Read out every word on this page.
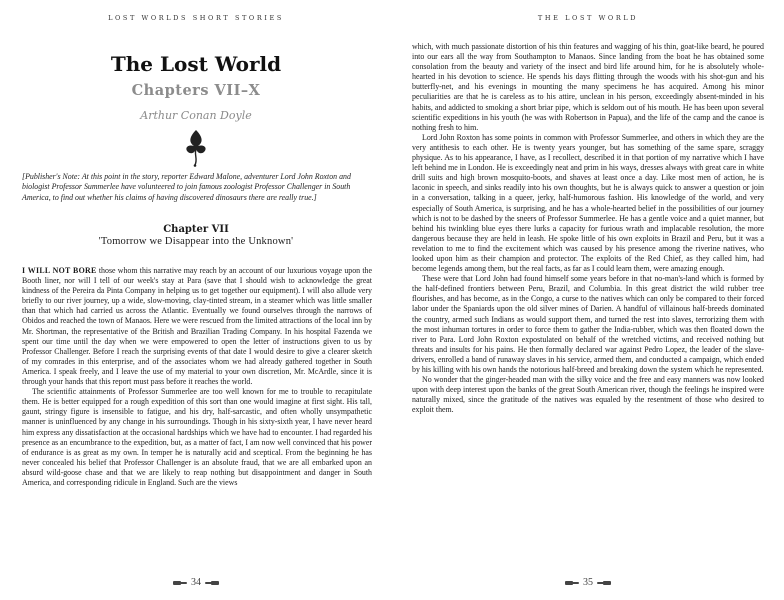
LOST WORLDS SHORT STORIES
The Lost World
Chapters VII–X
Arthur Conan Doyle
[Publisher's Note: At this point in the story, reporter Edward Malone, adventurer Lord John Roxton and biologist Professor Summerlee have volunteered to join famous zoologist Professor Challenger in South America, to find out whether his claims of having discovered dinosaurs there are really true.]
Chapter VII
'Tomorrow we Disappear into the Unknown'

I WILL NOT BORE those whom this narrative may reach by an account of our luxurious voyage upon the Booth liner, nor will I tell of our week's stay at Para (save that I should wish to acknowledge the great kindness of the Pereira da Pinta Company in helping us to get together our equipment). I will also allude very briefly to our river journey, up a wide, slow-moving, clay-tinted stream, in a steamer which was little smaller than that which had carried us across the Atlantic. Eventually we found ourselves through the narrows of Obidos and reached the town of Manaos. Here we were rescued from the limited attractions of the local inn by Mr. Shortman, the representative of the British and Brazilian Trading Company. In his hospital Fazenda we spent our time until the day when we were empowered to open the letter of instructions given to us by Professor Challenger. Before I reach the surprising events of that date I would desire to give a clearer sketch of my comrades in this enterprise, and of the associates whom we had already gathered together in South America. I speak freely, and I leave the use of my material to your own discretion, Mr. McArdle, since it is through your hands that this report must pass before it reaches the world.

The scientific attainments of Professor Summerlee are too well known for me to trouble to recapitulate them. He is better equipped for a rough expedition of this sort than one would imagine at first sight. His tall, gaunt, stringy figure is insensible to fatigue, and his dry, half-sarcastic, and often wholly unsympathetic manner is uninfluenced by any change in his surroundings. Though in his sixty-sixth year, I have never heard him express any dissatisfaction at the occasional hardships which we have had to encounter. I had regarded his presence as an encumbrance to the expedition, but, as a matter of fact, I am now well convinced that his power of endurance is as great as my own. In temper he is naturally acid and sceptical. From the beginning he has never concealed his belief that Professor Challenger is an absolute fraud, that we are all embarked upon an absurd wild-goose chase and that we are likely to reap nothing but disappointment and danger in South America, and corresponding ridicule in England. Such are the views

34
THE LOST WORLD

which, with much passionate distortion of his thin features and wagging of his thin, goat-like beard, he poured into our ears all the way from Southampton to Manaos. Since landing from the boat he has obtained some consolation from the beauty and variety of the insect and bird life around him, for he is absolutely whole-hearted in his devotion to science. He spends his days flitting through the woods with his shot-gun and his butterfly-net, and his evenings in mounting the many specimens he has acquired. Among his minor peculiarities are that he is careless as to his attire, unclean in his person, exceedingly absent-minded in his habits, and addicted to smoking a short briar pipe, which is seldom out of his mouth. He has been upon several scientific expeditions in his youth (he was with Robertson in Papua), and the life of the camp and the canoe is nothing fresh to him.

Lord John Roxton has some points in common with Professor Summerlee, and others in which they are the very antithesis to each other. He is twenty years younger, but has something of the same spare, scraggy physique. As to his appearance, I have, as I recollect, described it in that portion of my narrative which I have left behind me in London. He is exceedingly neat and prim in his ways, dresses always with great care in white drill suits and high brown mosquito-boots, and shaves at least once a day. Like most men of action, he is laconic in speech, and sinks readily into his own thoughts, but he is always quick to answer a question or join in a conversation, talking in a queer, jerky, half-humorous fashion. His knowledge of the world, and very especially of South America, is surprising, and he has a whole-hearted belief in the possibilities of our journey which is not to be dashed by the sneers of Professor Summerlee. He has a gentle voice and a quiet manner, but behind his twinkling blue eyes there lurks a capacity for furious wrath and implacable resolution, the more dangerous because they are held in leash. He spoke little of his own exploits in Brazil and Peru, but it was a revelation to me to find the excitement which was caused by his presence among the riverine natives, who looked upon him as their champion and protector. The exploits of the Red Chief, as they called him, had become legends among them, but the real facts, as far as I could learn them, were amazing enough.

These were that Lord John had found himself some years before in that no-man's-land which is formed by the half-defined frontiers between Peru, Brazil, and Columbia. In this great district the wild rubber tree flourishes, and has become, as in the Congo, a curse to the natives which can only be compared to their forced labor under the Spaniards upon the old silver mines of Darien. A handful of villainous half-breeds dominated the country, armed such Indians as would support them, and turned the rest into slaves, terrorizing them with the most inhuman tortures in order to force them to gather the India-rubber, which was then floated down the river to Para. Lord John Roxton expostulated on behalf of the wretched victims, and received nothing but threats and insults for his pains. He then formally declared war against Pedro Lopez, the leader of the slave-drivers, enrolled a band of runaway slaves in his service, armed them, and conducted a campaign, which ended by his killing with his own hands the notorious half-breed and breaking down the system which he represented.

No wonder that the ginger-headed man with the silky voice and the free and easy manners was now looked upon with deep interest upon the banks of the great South American river, though the feelings he inspired were naturally mixed, since the gratitude of the natives was equaled by the resentment of those who desired to exploit them.

35
